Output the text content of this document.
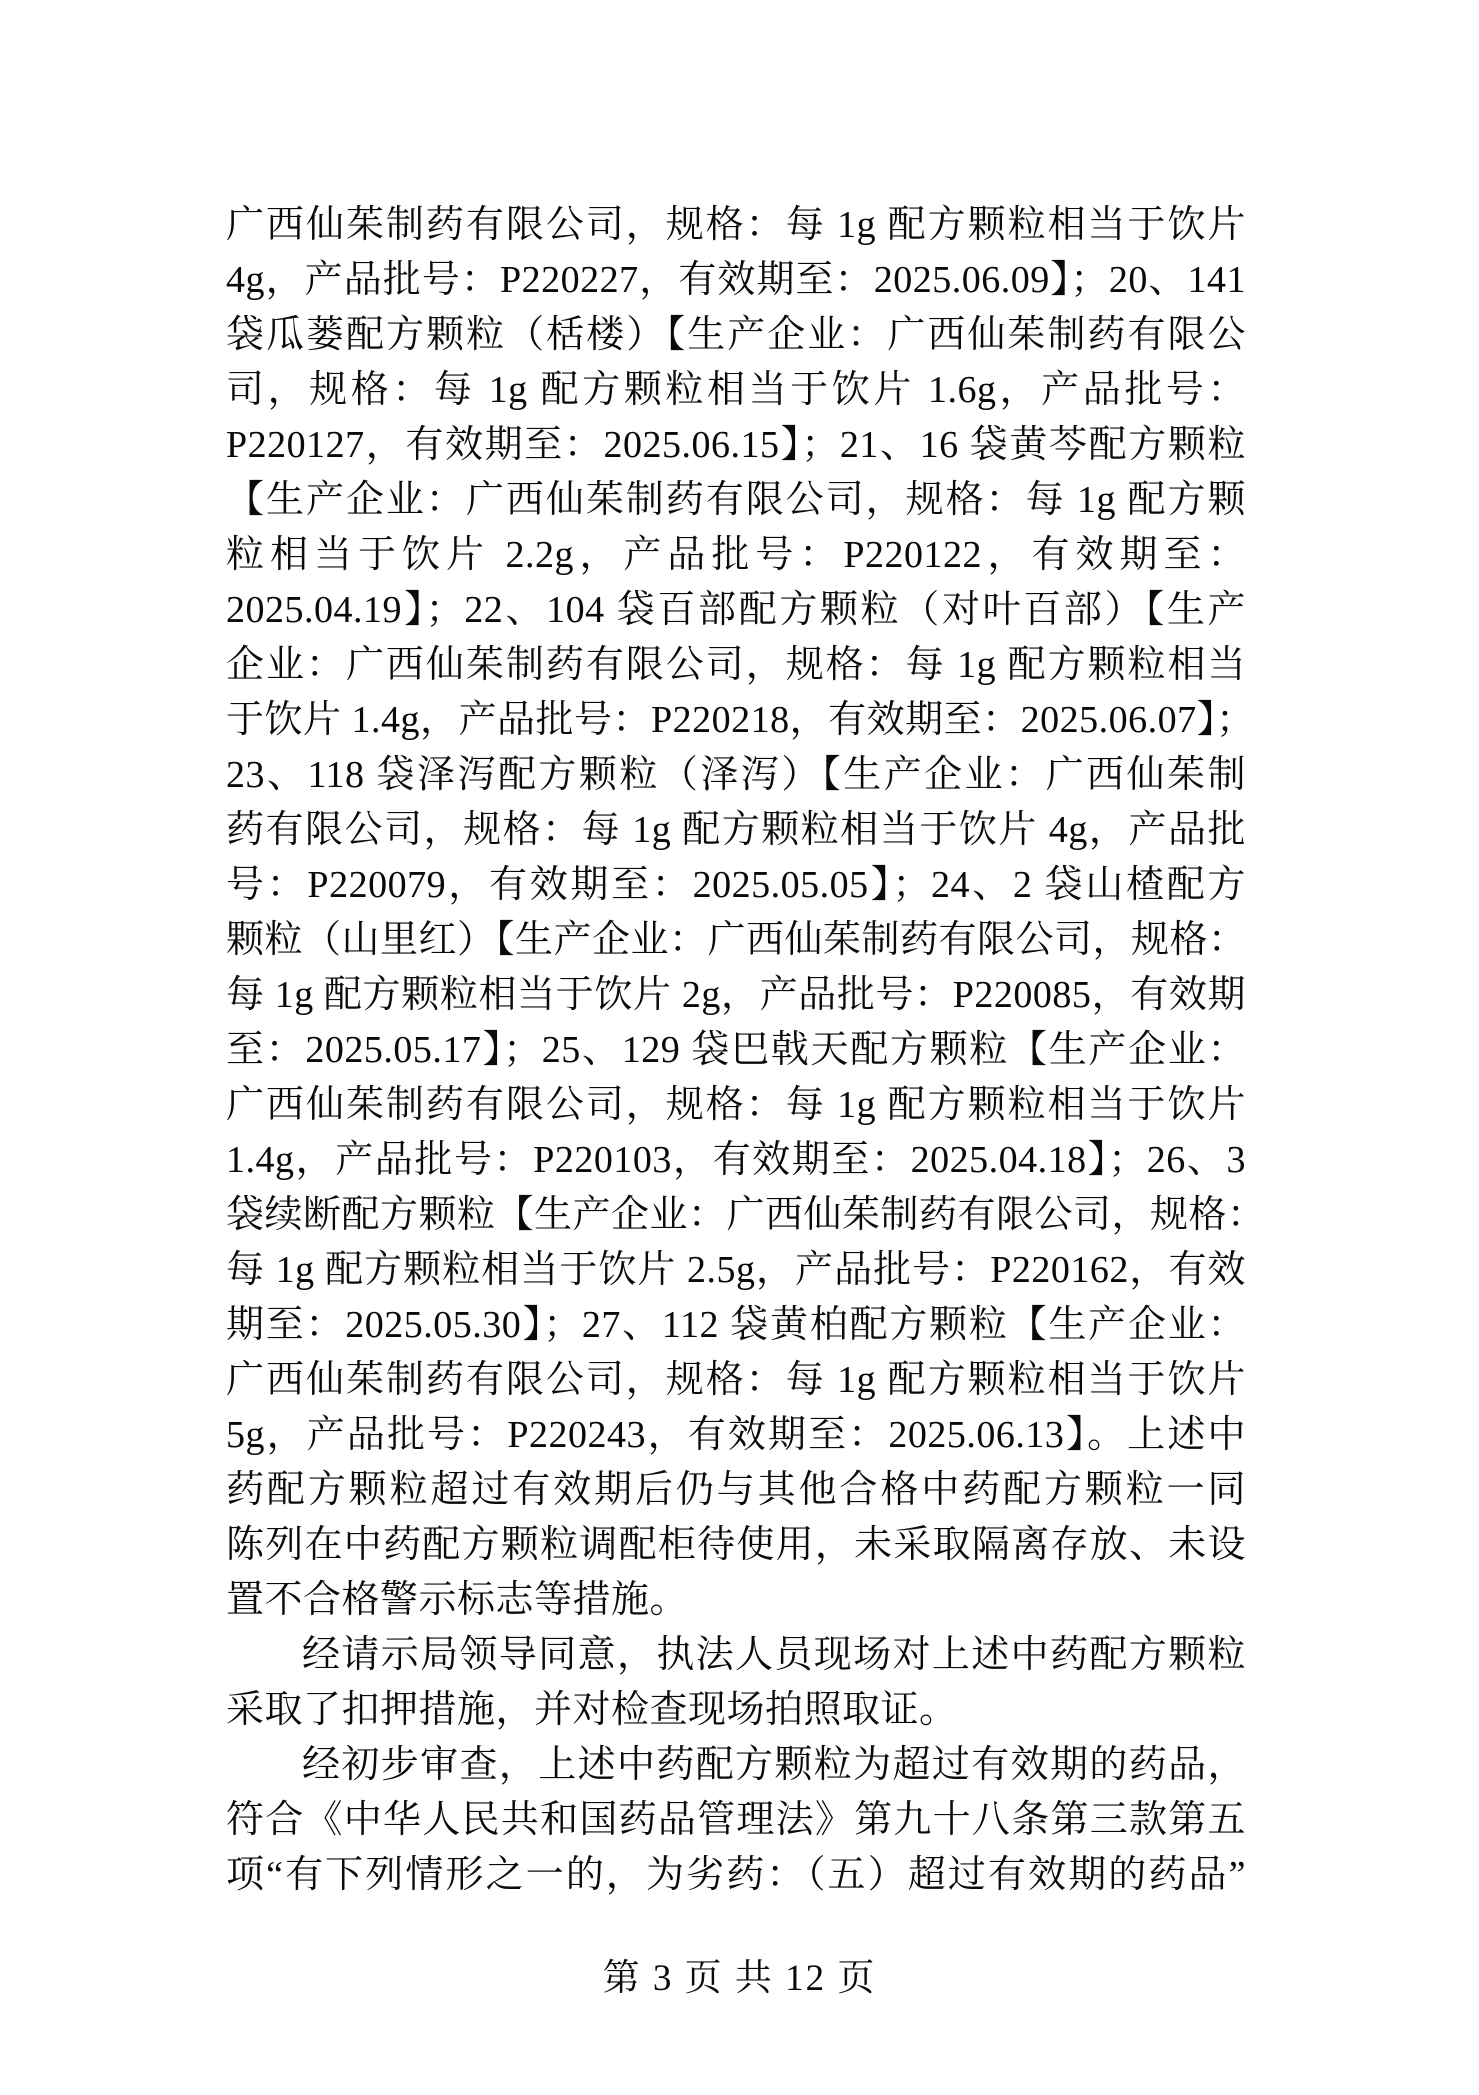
广西仙茱制药有限公司，规格：每 1g 配方颗粒相当于饮片
4g，产品批号：P220227，有效期至：2025.06.09】；20、141
袋瓜蒌配方颗粒（栝楼）【生产企业：广西仙茱制药有限公
司，规格：每 1g 配方颗粒相当于饮片 1.6g，产品批号：
P220127，有效期至：2025.06.15】；21、16 袋黄芩配方颗粒
【生产企业：广西仙茱制药有限公司，规格：每 1g 配方颗
粒相当于饮片 2.2g，产品批号：P220122，有效期至：
2025.04.19】；22、104 袋百部配方颗粒（对叶百部）【生产
企业：广西仙茱制药有限公司，规格：每 1g 配方颗粒相当
于饮片 1.4g，产品批号：P220218，有效期至：2025.06.07】；
23、118 袋泽泻配方颗粒（泽泻）【生产企业：广西仙茱制
药有限公司，规格：每 1g 配方颗粒相当于饮片 4g，产品批
号：P220079，有效期至：2025.05.05】；24、2 袋山楂配方
颗粒（山里红）【生产企业：广西仙茱制药有限公司，规格：
每 1g 配方颗粒相当于饮片 2g，产品批号：P220085，有效期
至：2025.05.17】；25、129 袋巴戟天配方颗粒【生产企业：
广西仙茱制药有限公司，规格：每 1g 配方颗粒相当于饮片
1.4g，产品批号：P220103，有效期至：2025.04.18】；26、3
袋续断配方颗粒【生产企业：广西仙茱制药有限公司，规格：
每 1g 配方颗粒相当于饮片 2.5g，产品批号：P220162，有效
期至：2025.05.30】；27、112 袋黄柏配方颗粒【生产企业：
广西仙茱制药有限公司，规格：每 1g 配方颗粒相当于饮片
5g，产品批号：P220243，有效期至：2025.06.13】。上述中
药配方颗粒超过有效期后仍与其他合格中药配方颗粒一同
陈列在中药配方颗粒调配柜待使用，未采取隔离存放、未设
置不合格警示标志等措施。
经请示局领导同意，执法人员现场对上述中药配方颗粒
采取了扣押措施，并对检查现场拍照取证。
经初步审查，上述中药配方颗粒为超过有效期的药品，
符合《中华人民共和国药品管理法》第九十八条第三款第五
项“有下列情形之一的，为劣药：（五）超过有效期的药品”
第 3 页 共 12 页
